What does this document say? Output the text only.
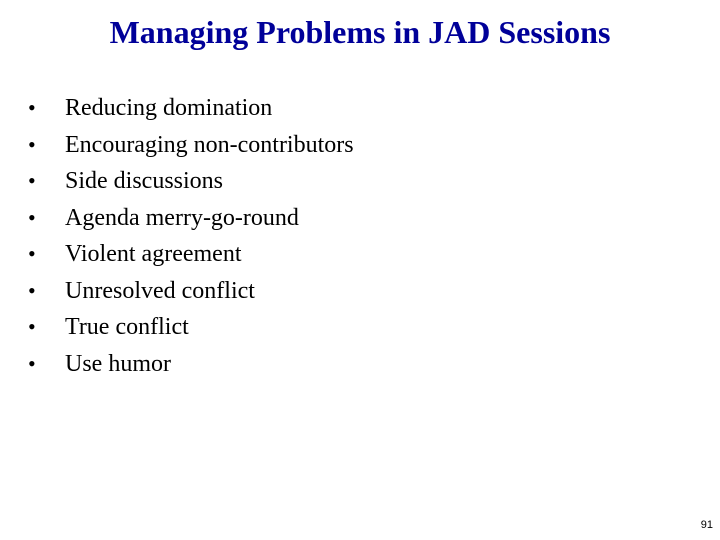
Managing Problems in JAD Sessions
•	Reducing domination
•	Encouraging non-contributors
•	Side discussions
•	Agenda merry-go-round
•	Violent agreement
•	Unresolved conflict
•	True conflict
•	Use humor
91
